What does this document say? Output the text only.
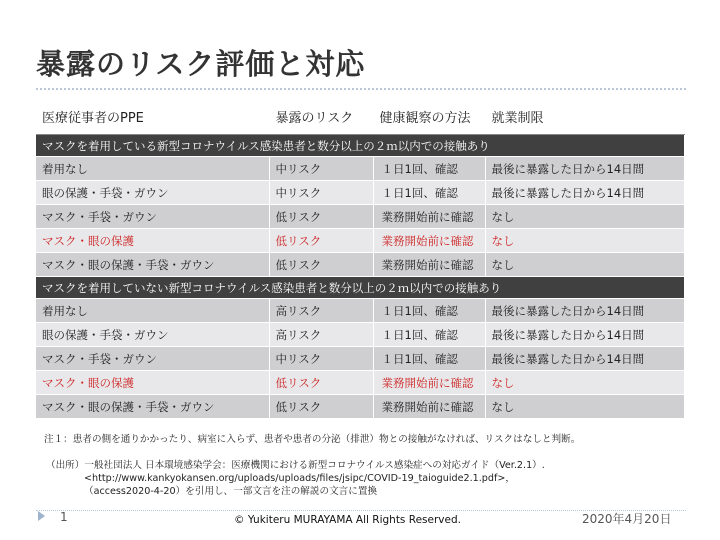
暴露のリスク評価と対応
医療従事者のPPE	暴露のリスク	健康観察の方法	就業制限
マスクを着用している新型コロナウイルス感染患者と数分以上の２ｍ以内での接触あり			
着用なし	中リスク	１日1回、確認	最後に暴露した日から14日間
眼の保護・手袋・ガウン	中リスク	１日1回、確認	最後に暴露した日から14日間
マスク・手袋・ガウン	低リスク	業務開始前に確認	なし
マスク・眼の保護	低リスク	業務開始前に確認	なし
マスク・眼の保護・手袋・ガウン	低リスク	業務開始前に確認	なし
マスクを着用していない新型コロナウイルス感染患者と数分以上の２ｍ以内での接触あり			
着用なし	高リスク	１日1回、確認	最後に暴露した日から14日間
眼の保護・手袋・ガウン	高リスク	１日1回、確認	最後に暴露した日から14日間
マスク・手袋・ガウン	中リスク	１日1回、確認	最後に暴露した日から14日間
マスク・眼の保護	低リスク	業務開始前に確認	なし
マスク・眼の保護・手袋・ガウン	低リスク	業務開始前に確認	なし
注１：患者の側を通りかかったり、病室に入らず、患者や患者の分泌（排泄）物との接触がなければ、リスクはなしと判断。
（出所）一般社団法人 日本環境感染学会：医療機関における新型コロナウイルス感染症への対応ガイド（Ver.2.1）.
<http://www.kankyokansen.org/uploads/uploads/files/jsipc/COVID-19_taioguide2.1.pdf>，
（access2020-4-20）を引用し、一部文言を注の解説の文言に置換
1	© Yukiteru MURAYAMA All Rights Reserved.	2020年4月20日
